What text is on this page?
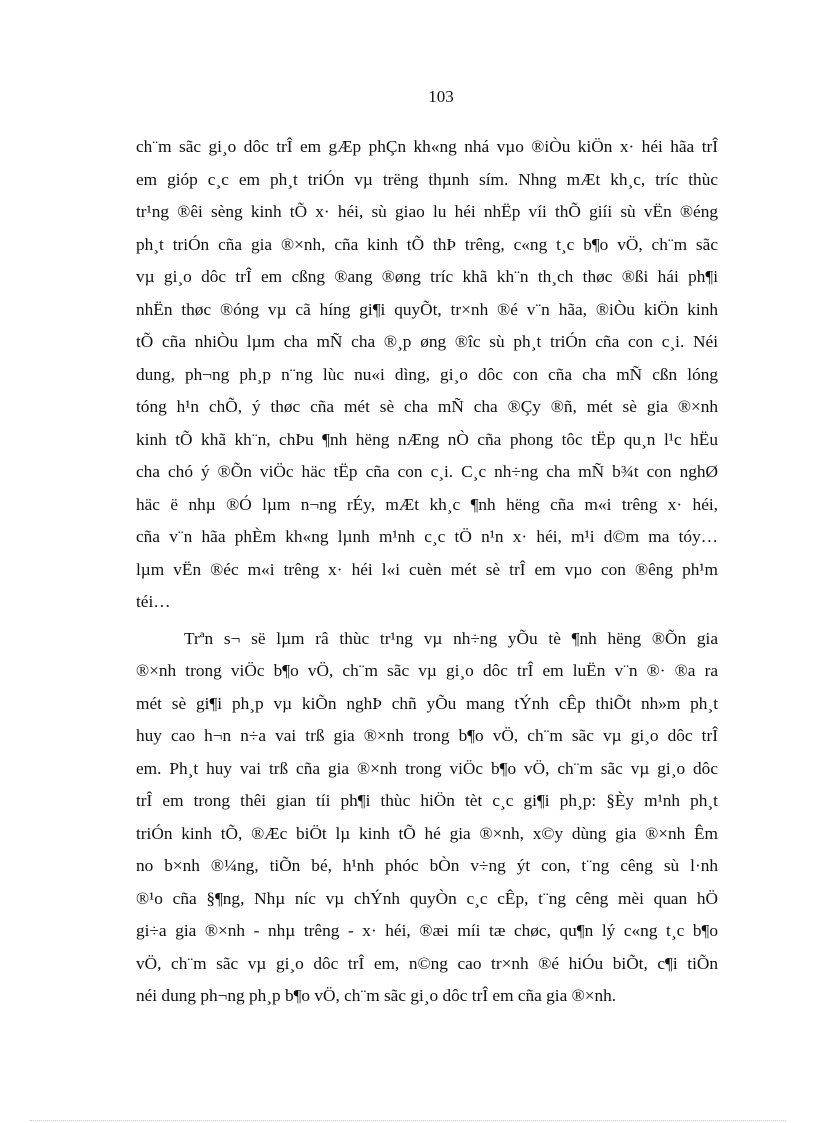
103
ch¨m sãc gi¸o dôc trÎ em gÆp phÇn kh«ng nhá vµo ®iÒu kiÖn x· héi hãa trÎ
em gióp c¸c em ph¸t triÓn vµ trëng thµnh sím. Nhng mÆt kh¸c, tríc thùc
tr¹ng ®êi sèng kinh tÕ x· héi, sù giao lu héi nhËp víi thÕ giíi sù vËn ®éng
ph¸t triÓn cña gia ®×nh, cña kinh tÕ thÞ trêng, c«ng t¸c b¶o vÖ, ch¨m sãc
vµ gi¸o dôc trÎ em cßng ®ang ®øng tríc khã kh¨n th¸ch thøc ®ßi hái ph¶i
nhËn thøc ®óng vµ cã híng gi¶i quyÕt, tr×nh ®é v¨n hãa, ®iÒu kiÖn kinh
tÕ cña nhiÒu lµm cha mÑ cha ®¸p øng ®îc sù ph¸t triÓn cña con c¸i. Néi
dung, ph¬ng ph¸p n¨ng lùc nu«i dìng, gi¸o dôc con cña cha mÑ cßn lóng
tóng h¹n chÕ, ý thøc cña mét sè cha mÑ cha ®Çy ®ñ, mét sè gia ®×nh
kinh tÕ khã kh¨n, chÞu ¶nh hëng nÆng nÒ cña phong tôc tËp qu¸n l¹c hËu
cha chó ý ®Õn viÖc häc tËp cña con c¸i. C¸c nh÷ng cha mÑ b¾t con nghØ
häc ë nhµ ®Ó lµm n¬ng rÉy, mÆt kh¸c ¶nh hëng cña m«i trêng x· héi,
cña v¨n hãa phÈm kh«ng lµnh m¹nh c¸c tÖ n¹n x· héi, m¹i d©m ma tóy…
lµm vËn ®éc m«i trêng x· héi l«i cuèn mét sè trÎ em vµo con ®êng ph¹m
téi…
Trªn s¬ së lµm râ thùc tr¹ng vµ nh÷ng yÕu tè ¶nh hëng ®Õn gia
®×nh trong viÖc b¶o vÖ, ch¨m sãc vµ gi¸o dôc trÎ em luËn v¨n ®· ®a ra
mét sè gi¶i ph¸p vµ kiÕn nghÞ chñ yÕu mang tÝnh cÊp thiÕt nh»m ph¸t
huy cao h¬n n÷a vai trß gia ®×nh trong b¶o vÖ, ch¨m sãc vµ gi¸o dôc trÎ
em. Ph¸t huy vai trß cña gia ®×nh trong viÖc b¶o vÖ, ch¨m sãc vµ gi¸o dôc
trÎ em trong thêi gian tíi ph¶i thùc hiÖn tèt c¸c gi¶i ph¸p: §Èy m¹nh ph¸t
triÓn kinh tÕ, ®Æc biÖt lµ kinh tÕ hé gia ®×nh, x©y dùng gia ®×nh Êm
no b×nh ®¼ng, tiÕn bé, h¹nh phóc bÒn v÷ng ýt con, t¨ng cêng sù l·nh
®¹o cña §¶ng, Nhµ níc vµ chÝnh quyÒn c¸c cÊp, t¨ng cêng mèi quan hÖ
gi÷a gia ®×nh - nhµ trêng - x· héi, ®æi míi tæ chøc, qu¶n lý c«ng t¸c b¶o
vÖ, ch¨m sãc vµ gi¸o dôc trÎ em, n©ng cao tr×nh ®é hiÓu biÕt, c¶i tiÕn
néi dung ph¬ng ph¸p b¶o vÖ, ch¨m sãc gi¸o dôc trÎ em cña gia ®×nh.
